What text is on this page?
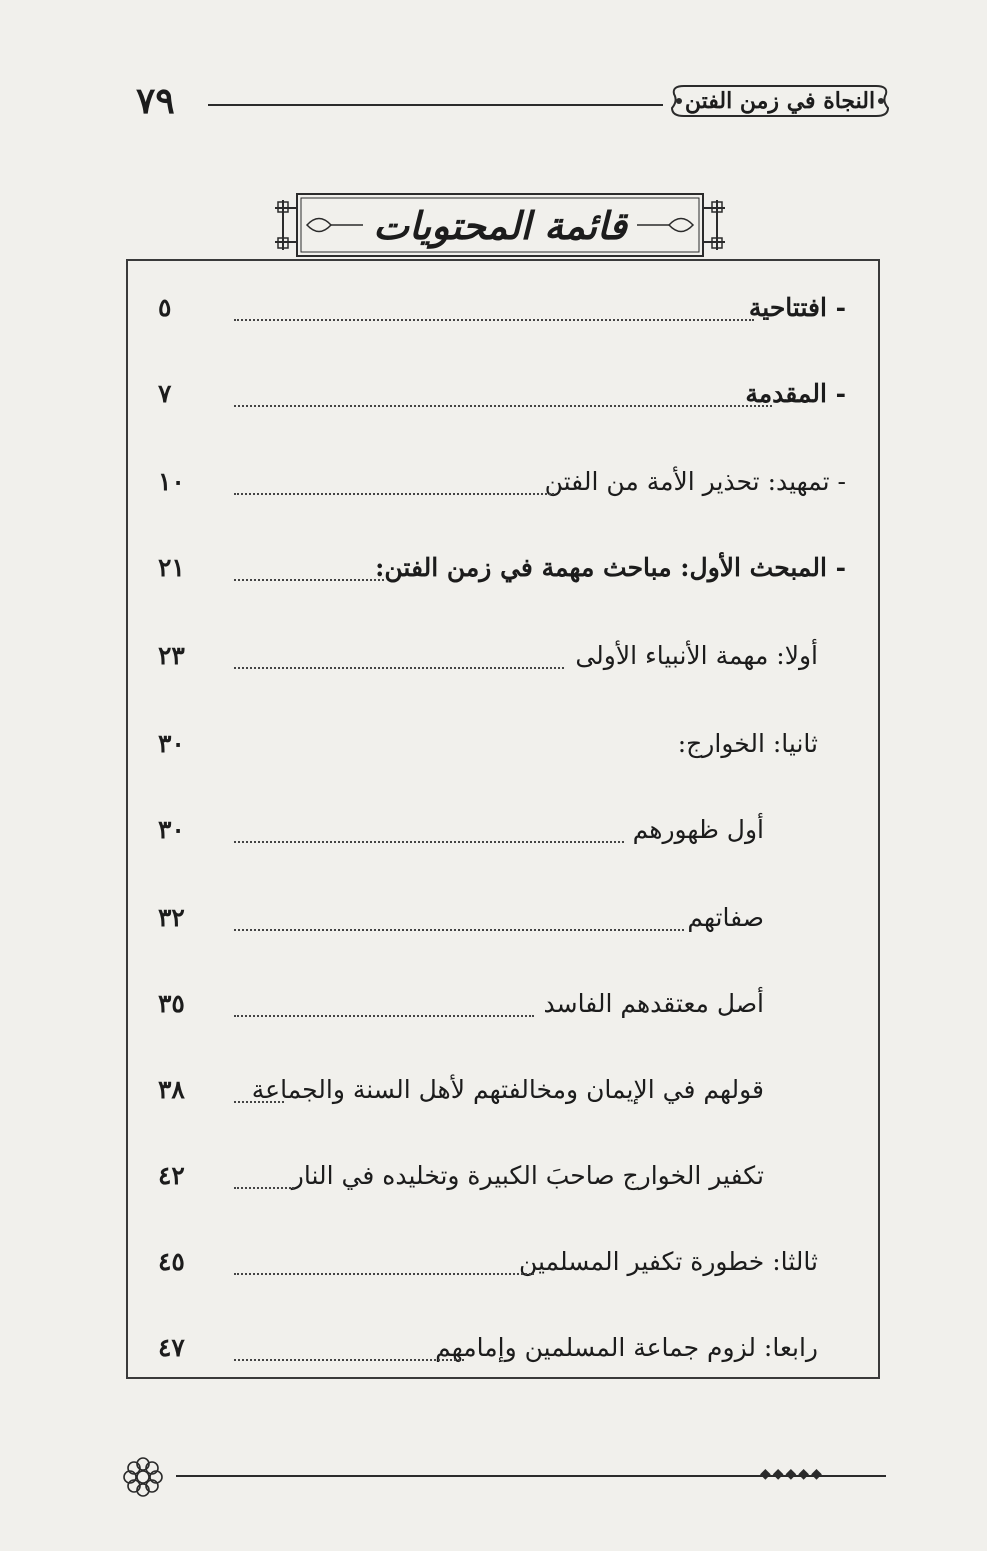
٧٩	النجاة في زمن الفتن
قائمة المحتويات
- افتتاحية
٥
- المقدمة
٧
- تمهيد: تحذير الأمة من الفتن
١٠
- المبحث الأول: مباحث مهمة في زمن الفتن:
٢١
أولا: مهمة الأنبياء الأولى
٢٣
ثانيا: الخوارج:
٣٠
أول ظهورهم
٣٠
صفاتهم
٣٢
أصل معتقدهم الفاسد
٣٥
قولهم في الإيمان ومخالفتهم لأهل السنة والجماعة
٣٨
تكفير الخوارج صاحبَ الكبيرة وتخليده في النار
٤٢
ثالثا: خطورة تكفير المسلمين
٤٥
رابعا: لزوم جماعة المسلمين وإمامهم
٤٧
◆◆◆◆◆
